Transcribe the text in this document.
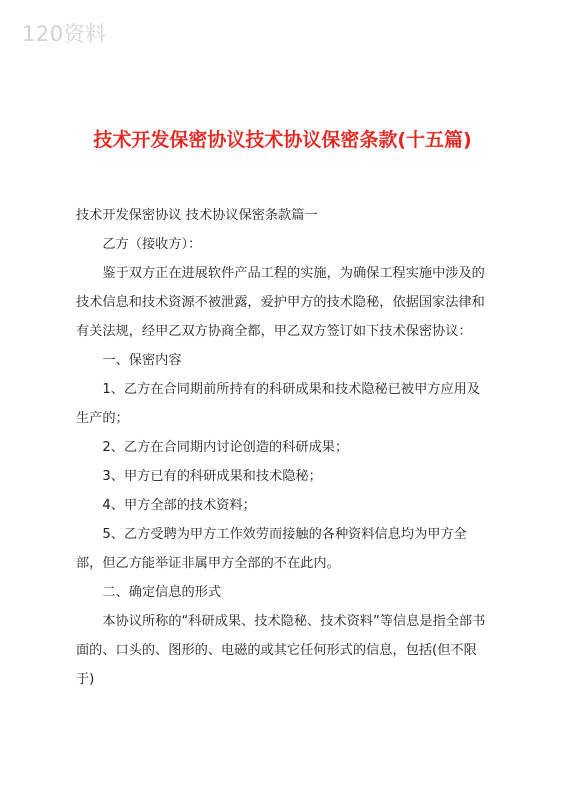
120资料
技术开发保密协议技术协议保密条款(十五篇)

技术开发保密协议 技术协议保密条款篇一

乙方（接收方）：

鉴于双方正在进展软件产品工程的实施，为确保工程实施中涉及的技术信息和技术资源不被泄露，爱护甲方的技术隐秘，依据国家法律和有关法规，经甲乙双方协商全都，甲乙双方签订如下技术保密协议：

一、保密内容

1、乙方在合同期前所持有的科研成果和技术隐秘已被甲方应用及生产的；

2、乙方在合同期内讨论创造的科研成果；

3、甲方已有的科研成果和技术隐秘；

4、甲方全部的技术资料；

5、乙方受聘为甲方工作效劳而接触的各种资料信息均为甲方全部，但乙方能举证非属甲方全部的不在此内。

二、确定信息的形式

本协议所称的“科研成果、技术隐秘、技术资料”等信息是指全部书面的、口头的、图形的、电磁的或其它任何形式的信息，包括(但不限于)
